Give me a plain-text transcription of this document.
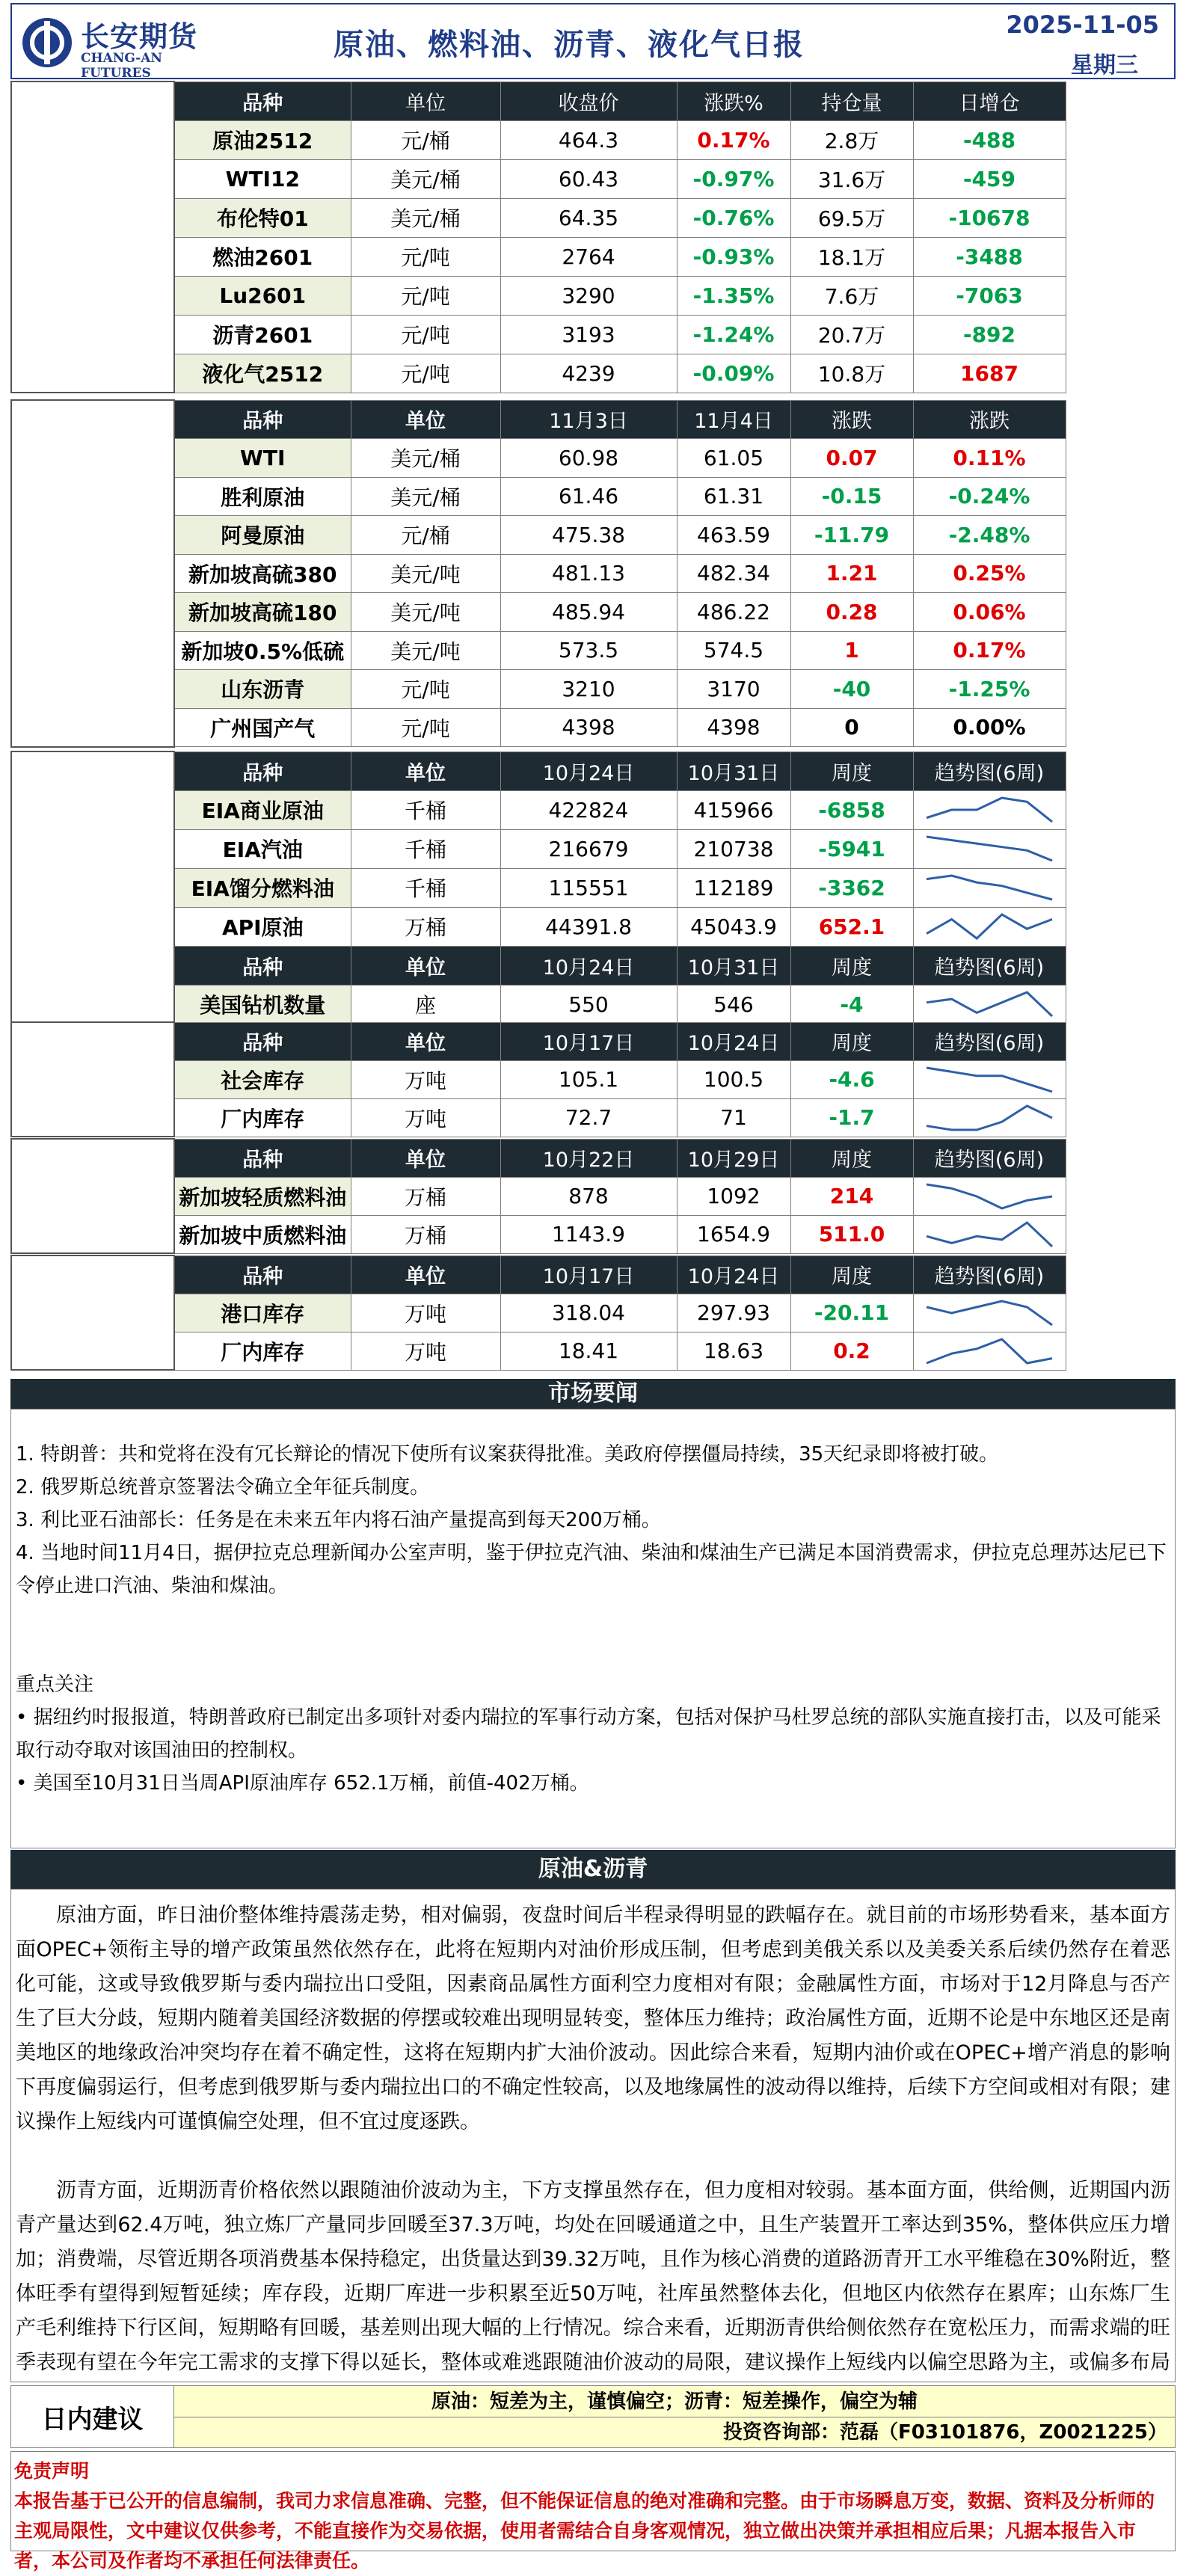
长安期货
CHANG-AN FUTURES
原油、燃料油、沥青、液化气日报
2025-11-05
星期三
期货每日信息	品种	单位	收盘价	涨跌%	持仓量	日增仓
	原油2512	元/桶	464.3	0.17%	2.8万	-488
	WTI12	美元/桶	60.43	-0.97%	31.6万	-459
	布伦特01	美元/桶	64.35	-0.76%	69.5万	-10678
	燃油2601	元/吨	2764	-0.93%	18.1万	-3488
	Lu2601	元/吨	3290	-1.35%	7.6万	-7063
	沥青2601	元/吨	3193	-1.24%	20.7万	-892
	液化气2512	元/吨	4239	-0.09%	10.8万	1687
现货价格	品种	单位	11月3日	11月4日	涨跌	涨跌
	WTI	美元/桶	60.98	61.05	0.07	0.11%
	胜利原油	美元/桶	61.46	61.31	-0.15	-0.24%
	阿曼原油	元/桶	475.38	463.59	-11.79	-2.48%
	新加坡高硫380	美元/吨	481.13	482.34	1.21	0.25%
	新加坡高硫180	美元/吨	485.94	486.22	0.28	0.06%
	新加坡0.5%低硫	美元/吨	573.5	574.5	1	0.17%
	山东沥青	元/吨	3210	3170	-40	-1.25%
	广州国产气	元/吨	4398	4398	0	0.00%
原油库存	品种	单位	10月24日	10月31日	周度	趋势图(6周)
	EIA商业原油	千桶	422824	415966	-6858	

	EIA汽油	千桶	216679	210738	-5941	

	EIA馏分燃料油	千桶	115551	112189	-3362	

	API原油	万桶	44391.8	45043.9	652.1	

	品种	单位	10月24日	10月31日	周度	趋势图(6周)
	美国钻机数量	座	550	546	-4	
沥青库存	品种	单位	10月17日	10月24日	周度	趋势图(6周)
	社会库存	万吨	105.1	100.5	-4.6	

	厂内库存	万吨	72.7	71	-1.7	
燃料油库存	品种	单位	10月22日	10月29日	周度	趋势图(6周)
	新加坡轻质燃料油	万桶	878	1092	214	

	新加坡中质燃料油	万桶	1143.9	1654.9	511.0	
液化气库存	品种	单位	10月17日	10月24日	周度	趋势图(6周)
	港口库存	万吨	318.04	297.93	-20.11	

	厂内库存	万吨	18.41	18.63	0.2	
市场要闻

1. 特朗普：共和党将在没有冗长辩论的情况下使所有议案获得批准。美政府停摆僵局持续，35天纪录即将被打破。

2. 俄罗斯总统普京签署法令确立全年征兵制度。

3. 利比亚石油部长：任务是在未来五年内将石油产量提高到每天200万桶。

4. 当地时间11月4日，据伊拉克总理新闻办公室声明，鉴于伊拉克汽油、柴油和煤油生产已满足本国消费需求，伊拉克总理苏达尼已下令停止进口汽油、柴油和煤油。

重点关注

• 据纽约时报报道，特朗普政府已制定出多项针对委内瑞拉的军事行动方案，包括对保护马杜罗总统的部队实施直接打击，以及可能采取行动夺取对该国油田的控制权。

• 美国至10月31日当周API原油库存 652.1万桶，前值-402万桶。

原油&沥青

原油方面，昨日油价整体维持震荡走势，相对偏弱，夜盘时间后半程录得明显的跌幅存在。就目前的市场形势看来，基本面方面OPEC+领衔主导的增产政策虽然依然存在，此将在短期内对油价形成压制，但考虑到美俄关系以及美委关系后续仍然存在着恶化可能，这或导致俄罗斯与委内瑞拉出口受阻，因素商品属性方面利空力度相对有限；金融属性方面，市场对于12月降息与否产生了巨大分歧，短期内随着美国经济数据的停摆或较难出现明显转变，整体压力维持；政治属性方面，近期不论是中东地区还是南美地区的地缘政治冲突均存在着不确定性，这将在短期内扩大油价波动。因此综合来看，短期内油价或在OPEC+增产消息的影响下再度偏弱运行，但考虑到俄罗斯与委内瑞拉出口的不确定性较高，以及地缘属性的波动得以维持，后续下方空间或相对有限；建议操作上短线内可谨慎偏空处理，但不宜过度逐跌。

沥青方面，近期沥青价格依然以跟随油价波动为主，下方支撑虽然存在，但力度相对较弱。基本面方面，供给侧，近期国内沥青产量达到62.4万吨，独立炼厂产量同步回暖至37.3万吨，均处在回暖通道之中，且生产装置开工率达到35%，整体供应压力增加；消费端，尽管近期各项消费基本保持稳定，出货量达到39.32万吨，且作为核心消费的道路沥青开工水平维稳在30%附近，整体旺季有望得到短暂延续；库存段，近期厂库进一步积累至近50万吨，社库虽然整体去化，但地区内依然存在累库；山东炼厂生产毛利维持下行区间，短期略有回暖，基差则出现大幅的上行情况。综合来看，近期沥青供给侧依然存在宽松压力，而需求端的旺季表现有望在今年完工需求的支撑下得以延长，整体或难逃跟随油价波动的局限，建议操作上短线内以偏空思路为主，或偏多布局

日内建议
原油：短差为主，谨慎偏空；沥青：短差操作，偏空为辅
投资咨询部：范磊（F03101876，Z0021225）
免责声明
本报告基于已公开的信息编制，我司力求信息准确、完整，但不能保证信息的绝对准确和完整。由于市场瞬息万变，数据、资料及分析师的主观局限性，文中建议仅供参考，不能直接作为交易依据，使用者需结合自身客观情况，独立做出决策并承担相应后果；凡据本报告入市者，本公司及作者均不承担任何法律责任。
